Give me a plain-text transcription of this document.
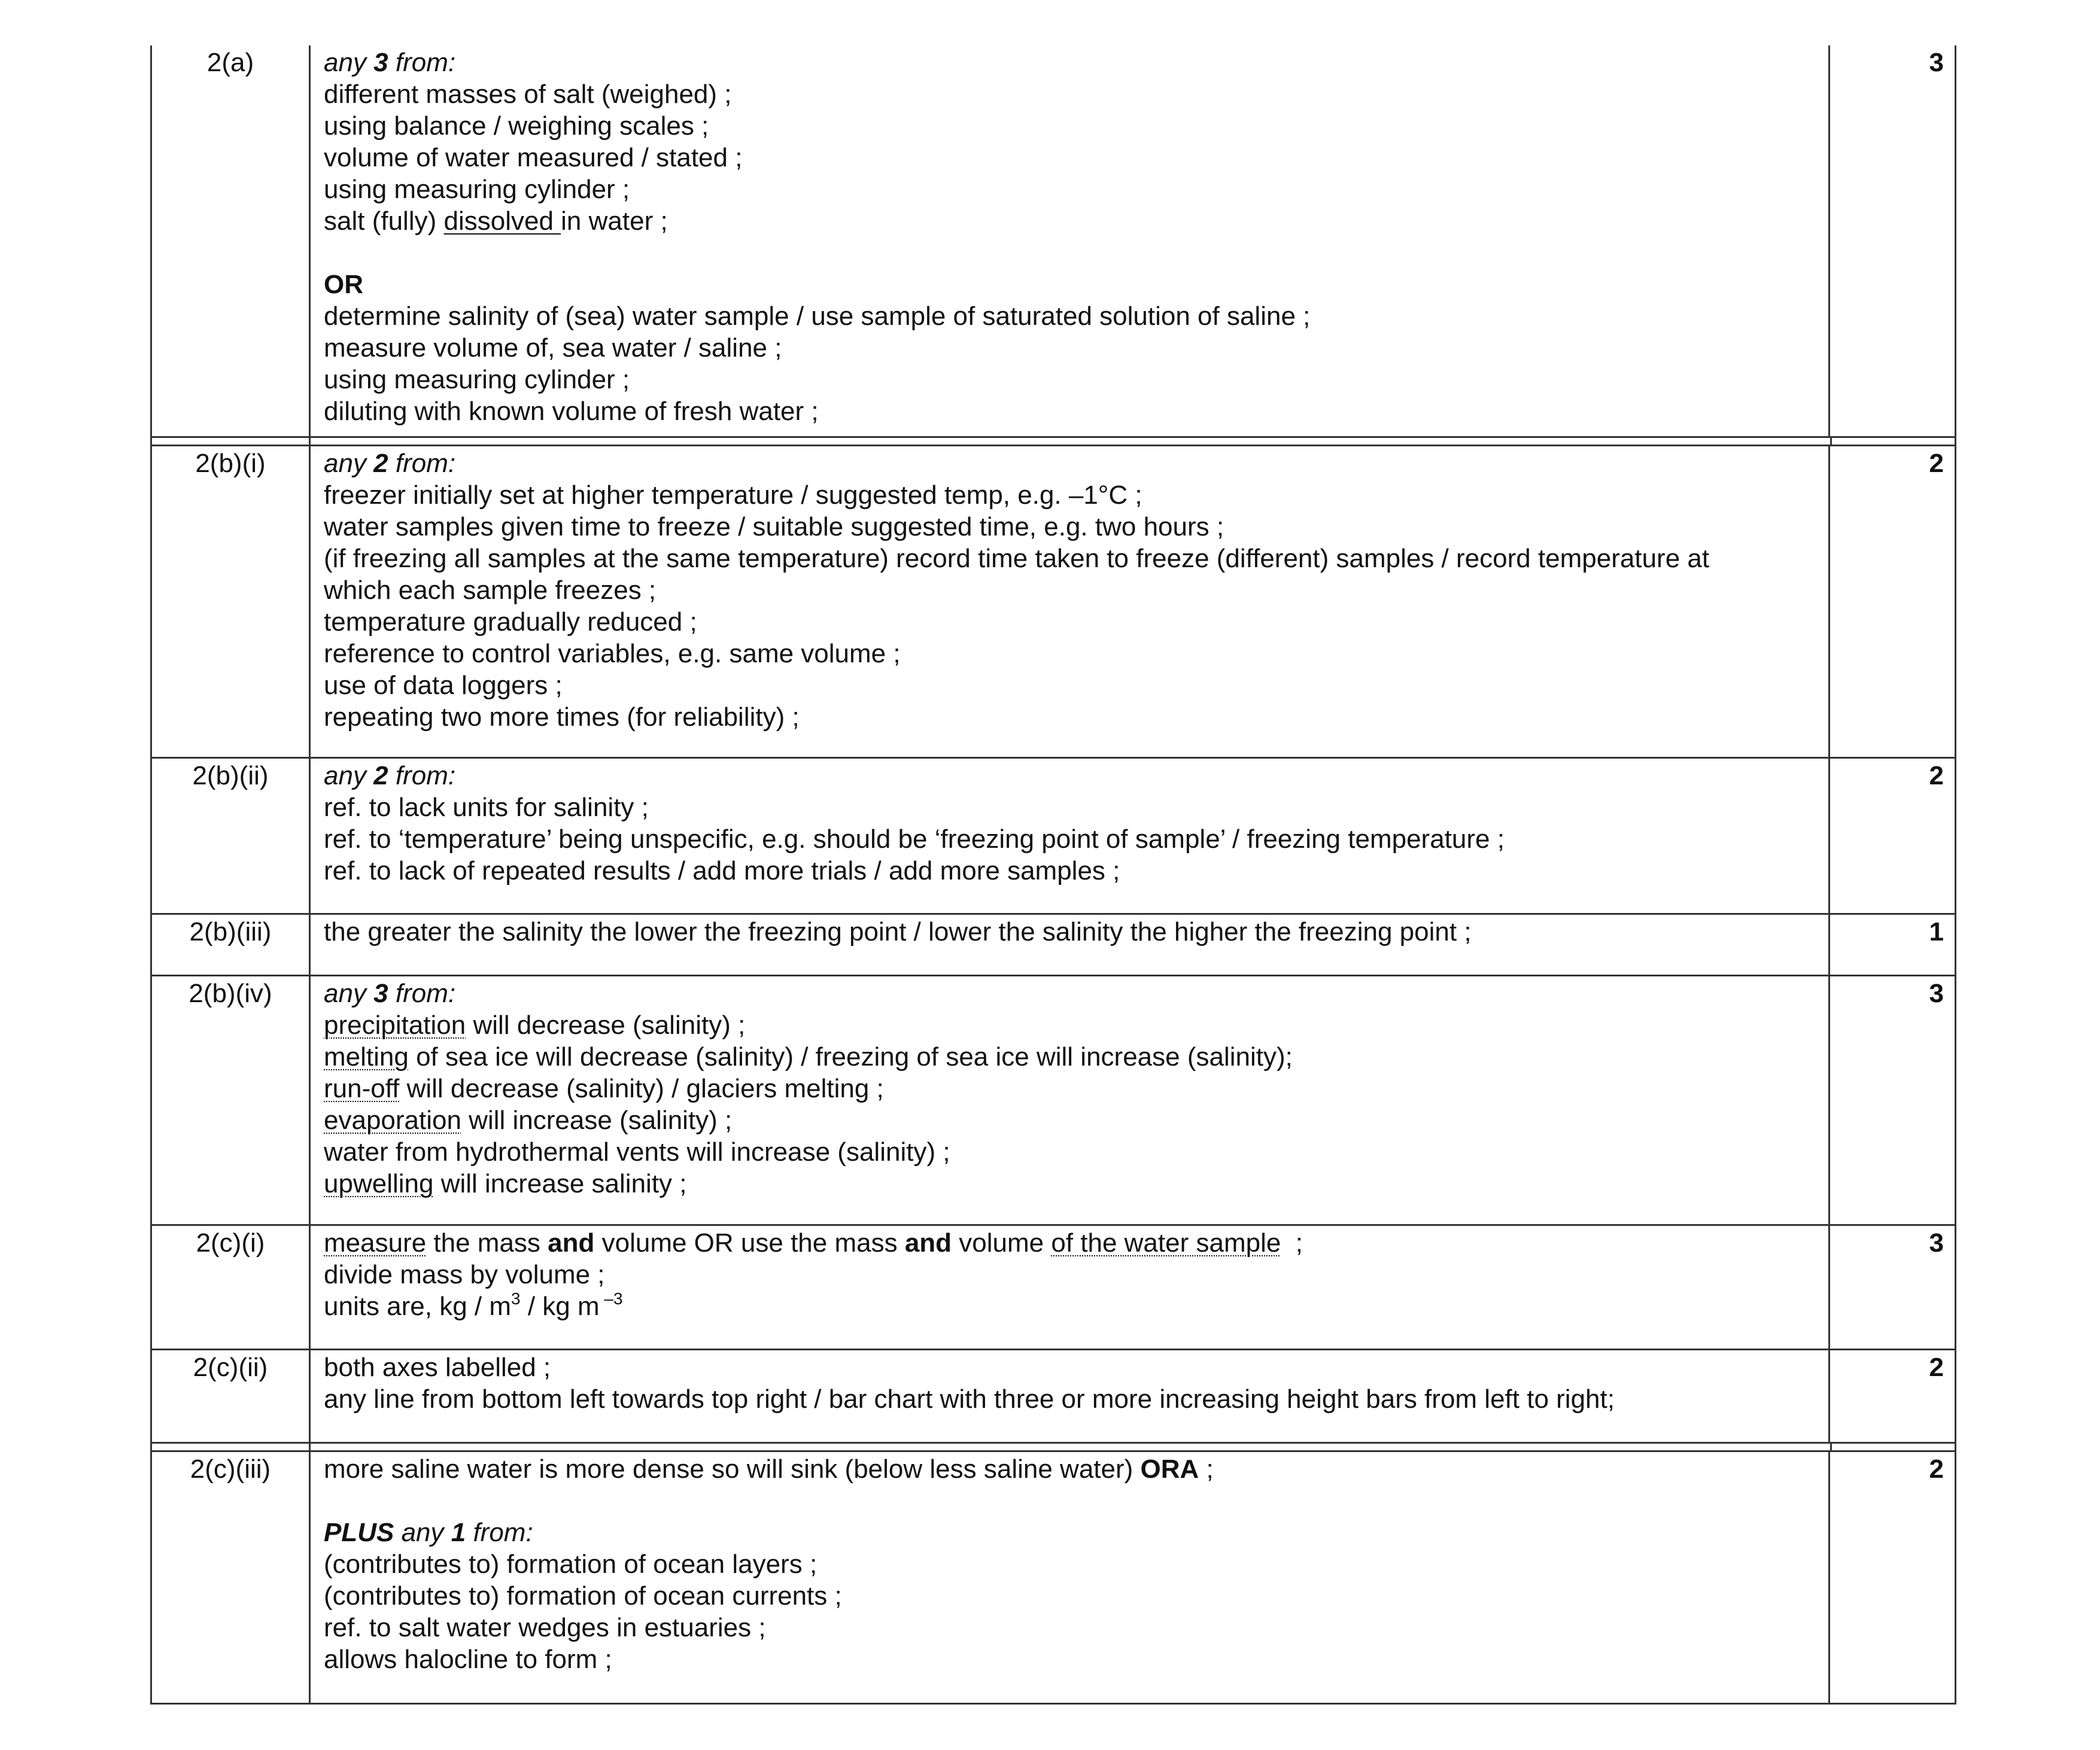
2(a)	any 3 from:
different masses of salt (weighed) ;
using balance / weighing scales ;
volume of water measured / stated ;
using measuring cylinder ;
salt (fully) dissolved in water ;
OR
determine salinity of (sea) water sample / use sample of saturated solution of saline ;
measure volume of, sea water / saline ;
using measuring cylinder ;
diluting with known volume of fresh water ;
3
2(b)(i)	any 2 from:
freezer initially set at higher temperature / suggested temp, e.g. –1°C ;
water samples given time to freeze / suitable suggested time, e.g. two hours ;
(if freezing all samples at the same temperature) record time taken to freeze (different) samples / record temperature at
which each sample freezes ;
temperature gradually reduced ;
reference to control variables, e.g. same volume ;
use of data loggers ;
repeating two more times (for reliability) ;
2
2(b)(ii)	any 2 from:
ref. to lack units for salinity ;
ref. to ‘temperature’ being unspecific, e.g. should be ‘freezing point of sample’ / freezing temperature ;
ref. to lack of repeated results / add more trials / add more samples ;
2
2(b)(iii)	the greater the salinity the lower the freezing point / lower the salinity the higher the freezing point ;	1
2(b)(iv)	any 3 from:
precipitation will decrease (salinity) ;
melting of sea ice will decrease (salinity) / freezing of sea ice will increase (salinity);
run-off will decrease (salinity) / glaciers melting ;
evaporation will increase (salinity) ;
water from hydrothermal vents will increase (salinity) ;
upwelling will increase salinity ;
3
2(c)(i)	measure the mass and volume OR use the mass and volume of the water sample  ;
divide mass by volume ;
units are, kg / $m^3$ / kg m $^{-3}$
3
2(c)(ii)	both axes labelled ;
any line from bottom left towards top right / bar chart with three or more increasing height bars from left to right;
2
2(c)(iii)	more saline water is more dense so will sink (below less saline water) ORA ;
PLUS any 1 from:
(contributes to) formation of ocean layers ;
(contributes to) formation of ocean currents ;
ref. to salt water wedges in estuaries ;
allows halocline to form ;
2
